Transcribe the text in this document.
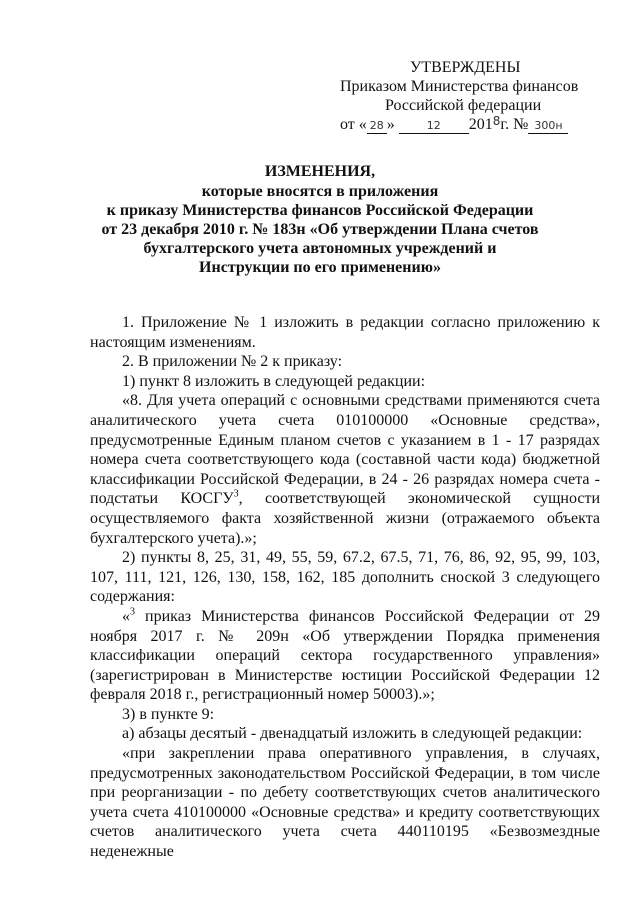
УТВЕРЖДЕНЫ
Приказом Министерства финансов
Российской федерации
от « 28 »	12 2018г. № 300н
ИЗМЕНЕНИЯ,
которые вносятся в приложения
к приказу Министерства финансов Российской Федерации
от 23 декабря 2010 г. № 183н «Об утверждении Плана счетов
бухгалтерского учета автономных учреждений и
Инструкции по его применению»

1. Приложение № 1 изложить в редакции согласно приложению к настоящим изменениям.

2. В приложении № 2 к приказу:

1) пункт 8 изложить в следующей редакции:

«8. Для учета операций с основными средствами применяются счета аналитического учета счета 010100000 «Основные средства», предусмотренные Единым планом счетов с указанием в 1 - 17 разрядах номера счета соответствующего кода (составной части кода) бюджетной классификации Российской Федерации, в 24 - 26 разрядах номера счета - подстатьи КОСГУ$^3$, соответствующей экономической сущности осуществляемого факта хозяйственной жизни (отражаемого объекта бухгалтерского учета).»;

2) пункты 8, 25, 31, 49, 55, 59, 67.2, 67.5, 71, 76, 86, 92, 95, 99, 103, 107, 111, 121, 126, 130, 158, 162, 185 дополнить сноской 3 следующего содержания:

«$^3$ приказ Министерства финансов Российской Федерации от 29 ноября 2017 г. № 209н «Об утверждении Порядка применения классификации операций сектора государственного управления» (зарегистрирован в Министерстве юстиции Российской Федерации 12 февраля 2018 г., регистрационный номер 50003).»;

3) в пункте 9:

а) абзацы десятый - двенадцатый изложить в следующей редакции:

«при закреплении права оперативного управления, в случаях, предусмотренных законодательством Российской Федерации, в том числе при реорганизации - по дебету соответствующих счетов аналитического учета счета 410100000 «Основные средства» и кредиту соответствующих счетов аналитического учета счета 440110195 «Безвозмездные неденежные
